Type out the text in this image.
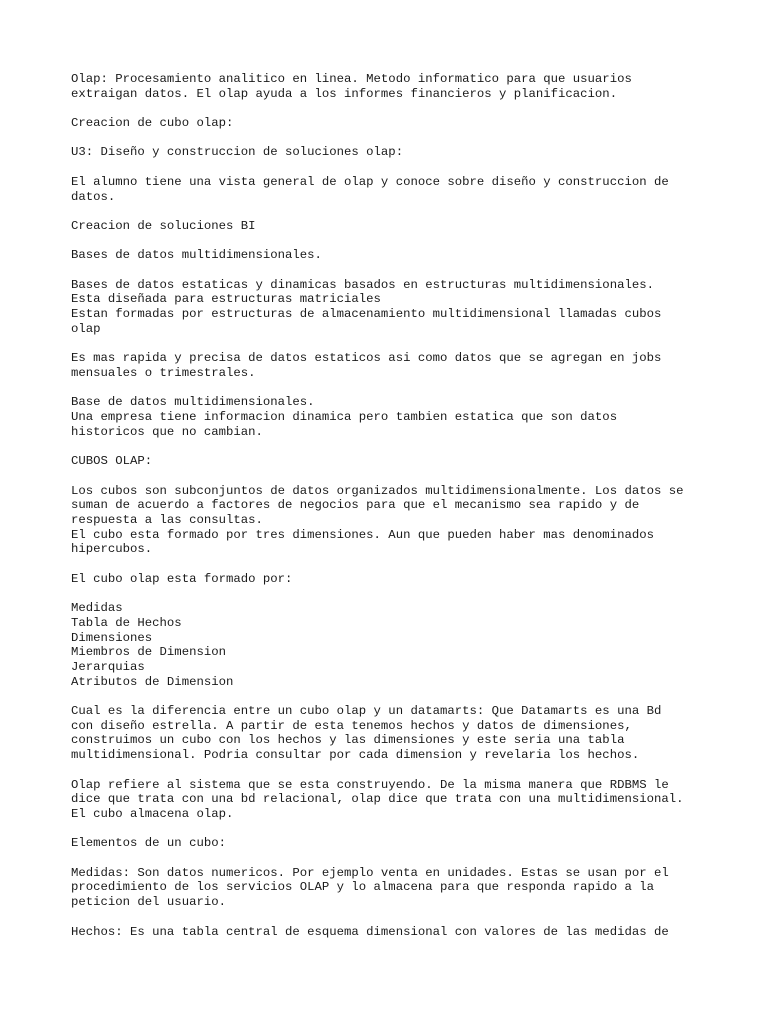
Olap: Procesamiento analitico en linea. Metodo informatico para que usuarios
extraigan datos. El olap ayuda a los informes financieros y planificacion.
Creacion de cubo olap:
U3: Diseño y construccion de soluciones olap:
El alumno tiene una vista general de olap y conoce sobre diseño y construccion de
datos.
Creacion de soluciones BI
Bases de datos multidimensionales.
Bases de datos estaticas y dinamicas basados en estructuras multidimensionales.
Esta diseñada para estructuras matriciales
Estan formadas por estructuras de almacenamiento multidimensional llamadas cubos
olap
Es mas rapida y precisa de datos estaticos asi como datos que se agregan en jobs
mensuales o trimestrales.
Base de datos multidimensionales.
Una empresa tiene informacion dinamica pero tambien estatica que son datos
historicos que no cambian.
CUBOS OLAP:
Los cubos son subconjuntos de datos organizados multidimensionalmente. Los datos se
suman de acuerdo a factores de negocios para que el mecanismo sea rapido y de
respuesta a las consultas.
El cubo esta formado por tres dimensiones. Aun que pueden haber mas denominados
hipercubos.
El cubo olap esta formado por:
Medidas
Tabla de Hechos
Dimensiones
Miembros de Dimension
Jerarquias
Atributos de Dimension
Cual es la diferencia entre un cubo olap y un datamarts: Que Datamarts es una Bd
con diseño estrella. A partir de esta tenemos hechos y datos de dimensiones,
construimos un cubo con los hechos y las dimensiones y este seria una tabla
multidimensional. Podria consultar por cada dimension y revelaria los hechos.
Olap refiere al sistema que se esta construyendo. De la misma manera que RDBMS le
dice que trata con una bd relacional, olap dice que trata con una multidimensional.
El cubo almacena olap.
Elementos de un cubo:
Medidas: Son datos numericos. Por ejemplo venta en unidades. Estas se usan por el
procedimiento de los servicios OLAP y lo almacena para que responda rapido a la
peticion del usuario.
Hechos: Es una tabla central de esquema dimensional con valores de las medidas de
